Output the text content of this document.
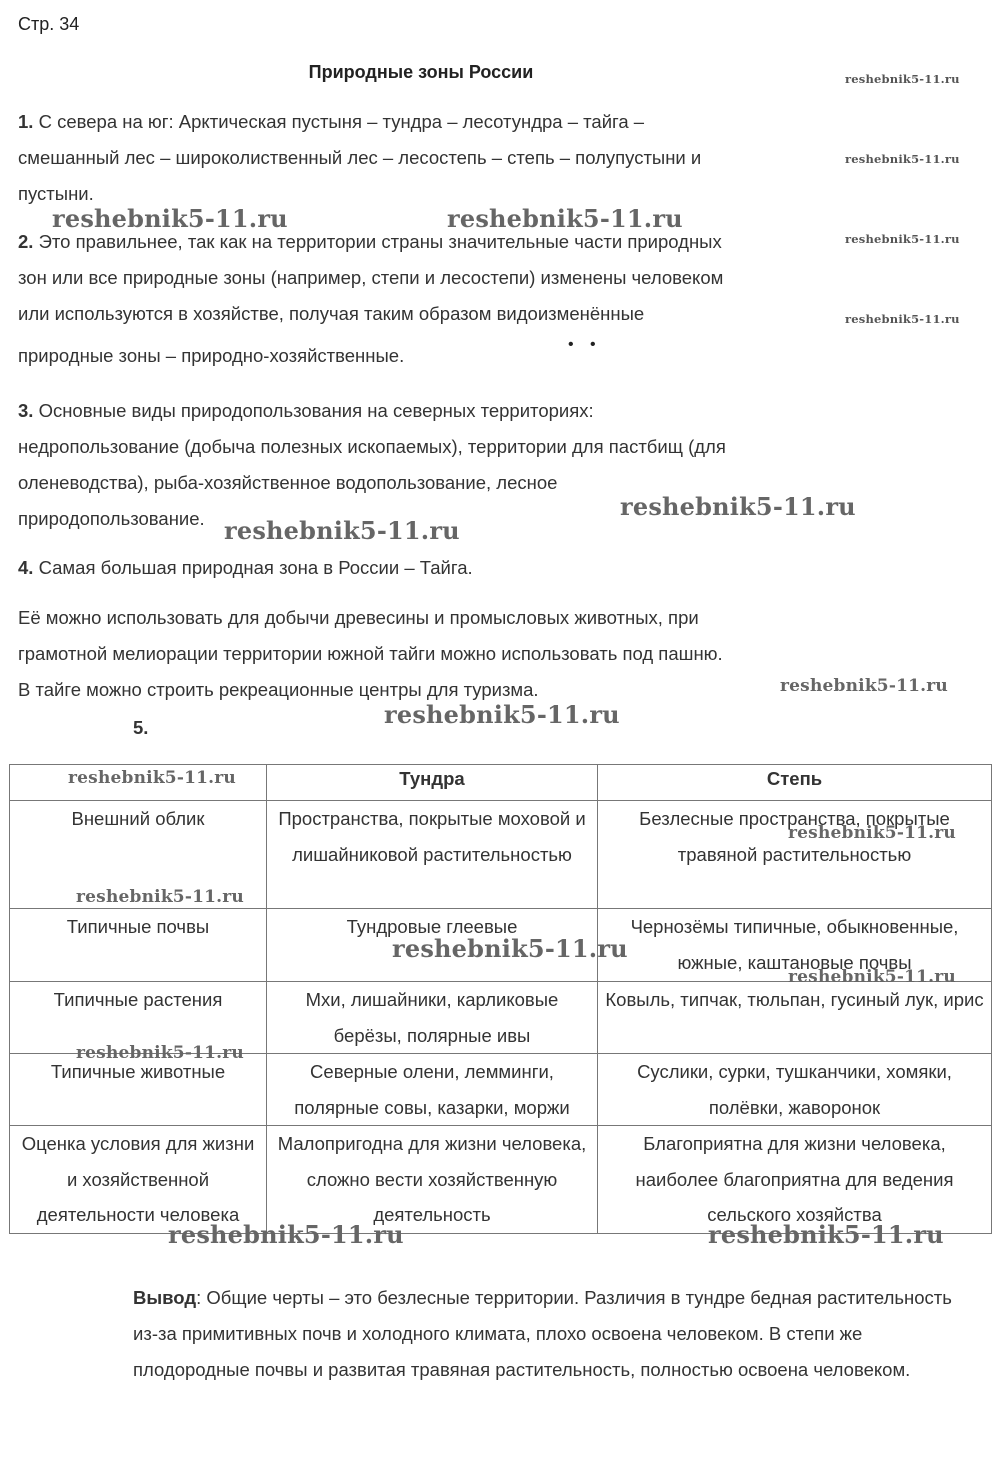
Стр. 34
Природные зоны России
1. С севера на юг: Арктическая пустыня – тундра – лесотундра – тайга –
смешанный лес – широколиственный лес – лесостепь – степь – полупустыни и
пустыни.
2. Это правильнее, так как на территории страны значительные части природных
зон или все природные зоны (например, степи и лесостепи) изменены человеком
или используются в хозяйстве, получая таким образом видоизменённые
природные зоны – природно-хозяйственные.
• •
3. Основные виды природопользования на северных территориях:
недропользование (добыча полезных ископаемых), территории для пастбищ (для
оленеводства), рыба-хозяйственное водопользование, лесное
природопользование.
4. Самая большая природная зона в России – Тайга.
Её можно использовать для добычи древесины и промысловых животных, при
грамотной мелиорации территории южной тайги можно использовать под пашню.
В тайге можно строить рекреационные центры для туризма.
5.
	Тундра	Степь
Внешний облик	Пространства, покрытые моховой и лишайниковой растительностью	Безлесные пространства, покрытые травяной растительностью
Типичные почвы	Тундровые глеевые	Чернозёмы типичные, обыкновенные, южные, каштановые почвы
Типичные растения	Мхи, лишайники, карликовые берёзы, полярные ивы	Ковыль, типчак, тюльпан, гусиный лук, ирис
Типичные животные	Северные олени, лемминги, полярные совы, казарки, моржи	Суслики, сурки, тушканчики, хомяки, полёвки, жаворонок
Оценка условия для жизни и хозяйственной деятельности человека	Малопригодна для жизни человека, сложно вести хозяйственную деятельность	Благоприятна для жизни человека, наиболее благоприятна для ведения сельского хозяйства
Вывод: Общие черты – это безлесные территории. Различия в тундре бедная растительность из-за примитивных почв и холодного климата, плохо освоена человеком. В степи же плодородные почвы и развитая травяная растительность, полностью освоена человеком.
reshebnik5-11.ru
reshebnik5-11.ru
reshebnik5-11.ru
reshebnik5-11.ru
reshebnik5-11.ru	reshebnik5-11.ru
reshebnik5-11.ru
reshebnik5-11.ru
reshebnik5-11.ru
reshebnik5-11.ru
reshebnik5-11.ru
reshebnik5-11.ru
reshebnik5-11.ru
reshebnik5-11.ru
reshebnik5-11.ru
reshebnik5-11.ru
reshebnik5-11.ru	reshebnik5-11.ru
